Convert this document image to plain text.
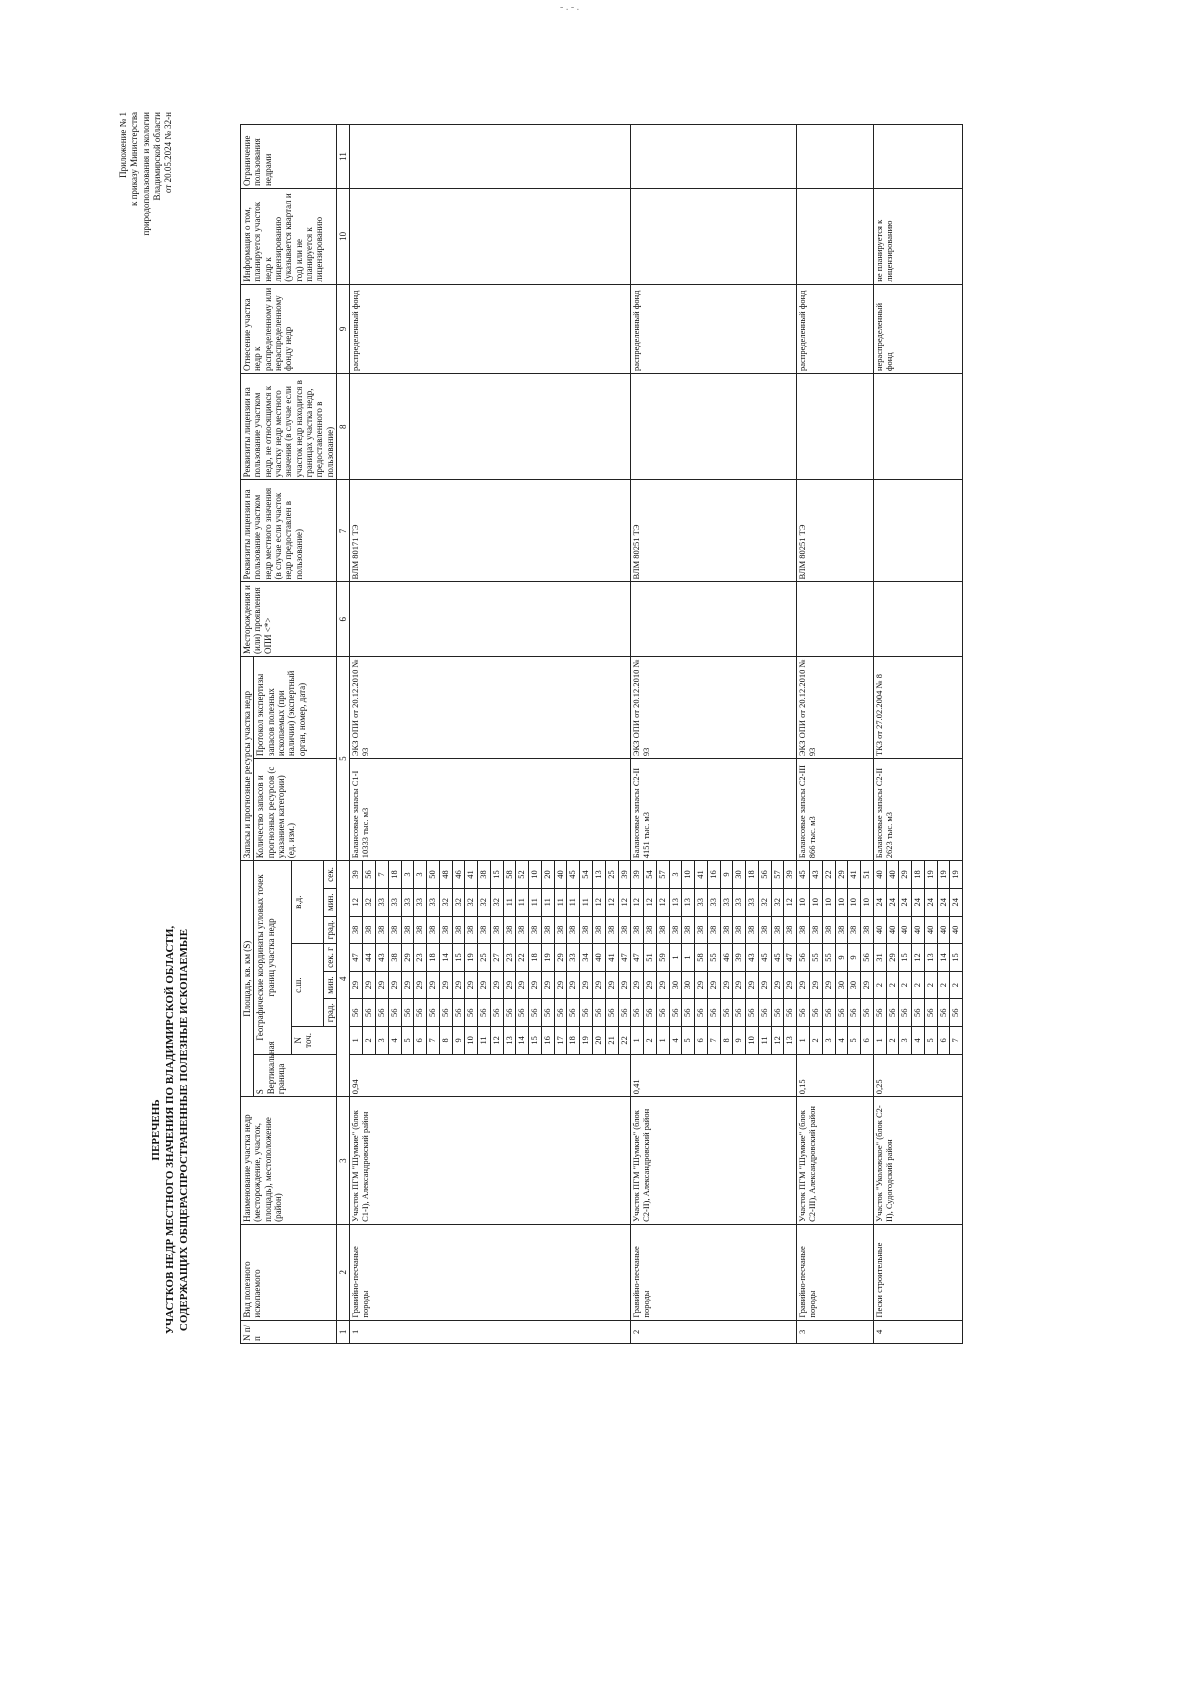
- . - .
Приложение № 1 к приказу Министерства природопользования и экологии Владимирской области от 20.05.2024 № 32-н
ПЕРЕЧЕНЬ УЧАСТКОВ НЕДР МЕСТНОГО ЗНАЧЕНИЯ ПО ВЛАДИМИРСКОЙ ОБЛАСТИ, СОДЕРЖАЩИХ ОБЩЕРАСПРОСТРАНЕННЫЕ ПОЛЕЗНЫЕ ИСКОПАЕМЫЕ
N п/п	Вид полезного ископаемого	Наименование участка недр (месторождение, участок, площадь), местоположение (район)	Площадь, кв. км (S)								Запасы и прогнозные ресурсы участка недр		Месторождения и (или) проявления ОПИ <*>	Реквизиты лицензии на пользование участком недр местного значения (в случае если участок недр предоставлен в пользование)	Реквизиты лицензии на пользование участком недр, не относящимся к участку недр местного значения (в случае если участок недр находится в границах участка недр, предоставленного в пользование)	Отнесение участка недр к распределенному или нераспределенному фонду недр	Информация о том, планируется участок недр к лицензированию (указывается квартал и год) или не планируется к лицензированию	Ограничение пользования недрами
			S
Вертикальная граница	Географические координаты угловых точек границ участка недр							Количество запасов и прогнозных ресурсов (с указанием категории) (ед. изм.)	Протокол экспертизы запасов полезных ископаемых (при наличии) (экспертный орган, номер, дата)						
				N точ.	с.ш.			в.д.										
					град.	мин.	сек. г	град.	мин.	сек.								
1	2	3	4								5		6	7	8	9	10	11
1	Гравийно-песчаные породы	Участок ПГМ "Шумкие" (блок С1-I), Александровский район	0,94	1	56	29	47	38	12	39	Балансовые запасы С1-I 10333 тыс. м3	ЭКЗ ОПИ от 20.12.2010 № 93		ВЛМ 80171 ТЭ		распределенный фонд		
				2	56	29	44	38	32	56								
				3	56	29	43	38	33	7								
				4	56	29	38	38	33	18								
				5	56	29	29	38	33	3								
				6	56	29	23	38	33	3								
				7	56	29	18	38	33	50								
				8	56	29	14	38	32	48								
				9	56	29	15	38	32	46								
				10	56	29	19	38	32	41								
				11	56	29	25	38	32	38								
				12	56	29	27	38	32	15								
				13	56	29	23	38	11	58								
				14	56	29	22	38	11	52								
				15	56	29	18	38	11	10								
				16	56	29	19	38	11	20								
				17	56	29	29	38	11	40								
				18	56	29	33	38	11	45								
				19	56	29	34	38	11	54								
				20	56	29	40	38	12	13								
				21	56	29	41	38	12	25								
				22	56	29	47	38	12	39								
2	Гравийно-песчаные породы	Участок ПГМ "Шумкие" (блок С2-II), Александровский район	0,41	1	56	29	47	38	12	39	Балансовые запасы С2-II 4151 тыс. м3	ЭКЗ ОПИ от 20.12.2010 № 93		ВЛМ 80251 ТЭ		распределенный фонд		
				2	56	29	51	38	12	54								
				1	56	29	59	38	12	57								
				4	56	30	1	38	13	3								
				5	56	30	1	38	13	10								
				6	56	29	58	38	33	41								
				7	56	29	55	38	33	16								
				8	56	29	46	38	33	9								
				9	56	29	39	38	33	30								
				10	56	29	43	38	33	18								
				11	56	29	45	38	32	56								
				12	56	29	45	38	32	57								
				13	56	29	47	38	12	39								
3	Гравийно-песчаные породы	Участок ПГМ "Шумкие" (блок С2-III), Александровский район	0,15	1	56	29	56	38	10	45	Балансовые запасы С2-III 866 тыс. м3	ЭКЗ ОПИ от 20.12.2010 № 93		ВЛМ 80251 ТЭ		распределенный фонд		
				2	56	29	55	38	10	43								
				3	56	29	55	38	10	22								
				4	56	30	9	38	10	29								
				5	56	30	9	38	10	41								
				6	56	29	56	38	10	51								
4	Пески строительные	Участок "Уколовское" (блок С2-II), Судогодский район	0,25	1	56	2	31	40	24	40	Балансовые запасы С2-II 2623 тыс. м3	ТКЗ от 27.02.2004 № 8				нераспределенный фонд	не планируется к лицензированию	
				2	56	2	29	40	24	40								
				3	56	2	15	40	24	29								
				4	56	2	12	40	24	18								
				5	56	2	13	40	24	19								
				6	56	2	14	40	24	19								
				7	56	2	15	40	24	19								
